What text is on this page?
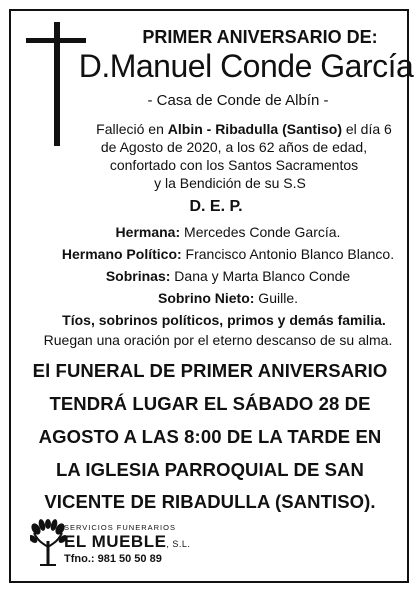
PRIMER ANIVERSARIO DE:
D.Manuel Conde García
- Casa de Conde de Albín -
Falleció en Albin - Ribadulla (Santiso) el día 6
de Agosto de 2020, a los 62 años de edad,
confortado con los Santos Sacramentos
y la Bendición de su S.S
D. E. P.
Hermana: Mercedes Conde García.
Hermano Político: Francisco Antonio Blanco Blanco.
Sobrinas: Dana y Marta Blanco Conde
Sobrino Nieto: Guille.
Tíos, sobrinos políticos, primos y demás familia.
Ruegan una oración por el eterno descanso de su alma.
El FUNERAL DE PRIMER ANIVERSARIO
TENDRÁ LUGAR EL SÁBADO 28 DE
AGOSTO A LAS 8:00 DE LA TARDE EN
LA IGLESIA PARROQUIAL DE SAN
VICENTE DE RIBADULLA (SANTISO).
SERVICIOS FUNERARIOS
EL MUEBLE, S.L.
Tfno.: 981 50 50 89
